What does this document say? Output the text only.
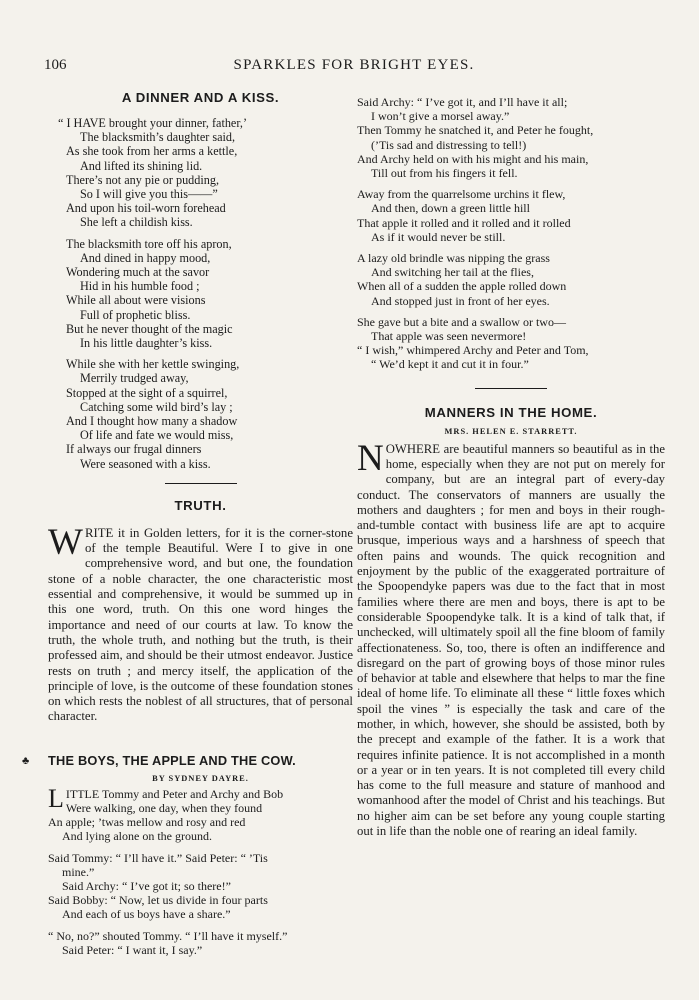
106	SPARKLES FOR BRIGHT EYES.
A DINNER AND A KISS.
“ I HAVE brought your dinner, father,’
The blacksmith’s daughter said,
As she took from her arms a kettle,
And lifted its shining lid.
There’s not any pie or pudding,
So I will give you this——”
And upon his toil-worn forehead
She left a childish kiss.
The blacksmith tore off his apron,
And dined in happy mood,
Wondering much at the savor
Hid in his humble food ;
While all about were visions
Full of prophetic bliss.
But he never thought of the magic
In his little daughter’s kiss.
While she with her kettle swinging,
Merrily trudged away,
Stopped at the sight of a squirrel,
Catching some wild bird’s lay ;
And I thought how many a shadow
Of life and fate we would miss,
If always our frugal dinners
Were seasoned with a kiss.
TRUTH.

WRITE it in Golden letters, for it is the corner-stone of the temple Beautiful. Were I to give in one comprehensive word, and but one, the foundation stone of a noble character, the one characteristic most essential and comprehensive, it would be summed up in this one word, truth. On this one word hinges the importance and need of our courts at law. To know the truth, the whole truth, and nothing but the truth, is their professed aim, and should be their utmost endeavor. Justice rests on truth ; and mercy itself, the application of the principle of love, is the outcome of these foundation stones on which rests the noblest of all structures, that of personal character.

♣ THE BOYS, THE APPLE AND THE COW.
BY SYDNEY DAYRE.
L ITTLE Tommy and Peter and Archy and Bob
Were walking, one day, when they found
An apple; ’twas mellow and rosy and red
And lying alone on the ground.
Said Tommy: “ I’ll have it.” Said Peter: “ ’Tis
mine.”
Said Archy: “ I’ve got it; so there!”
Said Bobby: “ Now, let us divide in four parts
And each of us boys have a share.”
“ No, no?” shouted Tommy. “ I’ll have it myself.”
Said Peter: “ I want it, I say.”
Said Archy: “ I’ve got it, and I’ll have it all;
I won’t give a morsel away.”
Then Tommy he snatched it, and Peter he fought,
(’Tis sad and distressing to tell!)
And Archy held on with his might and his main,
Till out from his fingers it fell.
Away from the quarrelsome urchins it flew,
And then, down a green little hill
That apple it rolled and it rolled and it rolled
As if it would never be still.
A lazy old brindle was nipping the grass
And switching her tail at the flies,
When all of a sudden the apple rolled down
And stopped just in front of her eyes.
She gave but a bite and a swallow or two—
That apple was seen nevermore!
“ I wish,” whimpered Archy and Peter and Tom,
“ We’d kept it and cut it in four.”
MANNERS IN THE HOME.
MRS. HELEN E. STARRETT.

NOWHERE are beautiful manners so beautiful as in the home, especially when they are not put on merely for company, but are an integral part of every-day conduct. The conservators of manners are usually the mothers and daughters ; for men and boys in their rough-and-tumble contact with business life are apt to acquire brusque, imperious ways and a harshness of speech that often pains and wounds. The quick recognition and enjoyment by the public of the exaggerated portraiture of the Spoopendyke papers was due to the fact that in most families where there are men and boys, there is apt to be considerable Spoopendyke talk. It is a kind of talk that, if unchecked, will ultimately spoil all the fine bloom of family affectionateness. So, too, there is often an indifference and disregard on the part of growing boys of those minor rules of behavior at table and elsewhere that helps to mar the fine ideal of home life. To eliminate all these “ little foxes which spoil the vines ” is especially the task and care of the mother, in which, however, she should be assisted, both by the precept and example of the father. It is a work that requires infinite patience. It is not accomplished in a month or a year or in ten years. It is not completed till every child has come to the full measure and stature of manhood and womanhood after the model of Christ and his teachings. But no higher aim can be set before any young couple starting out in life than the noble one of rearing an ideal family.
